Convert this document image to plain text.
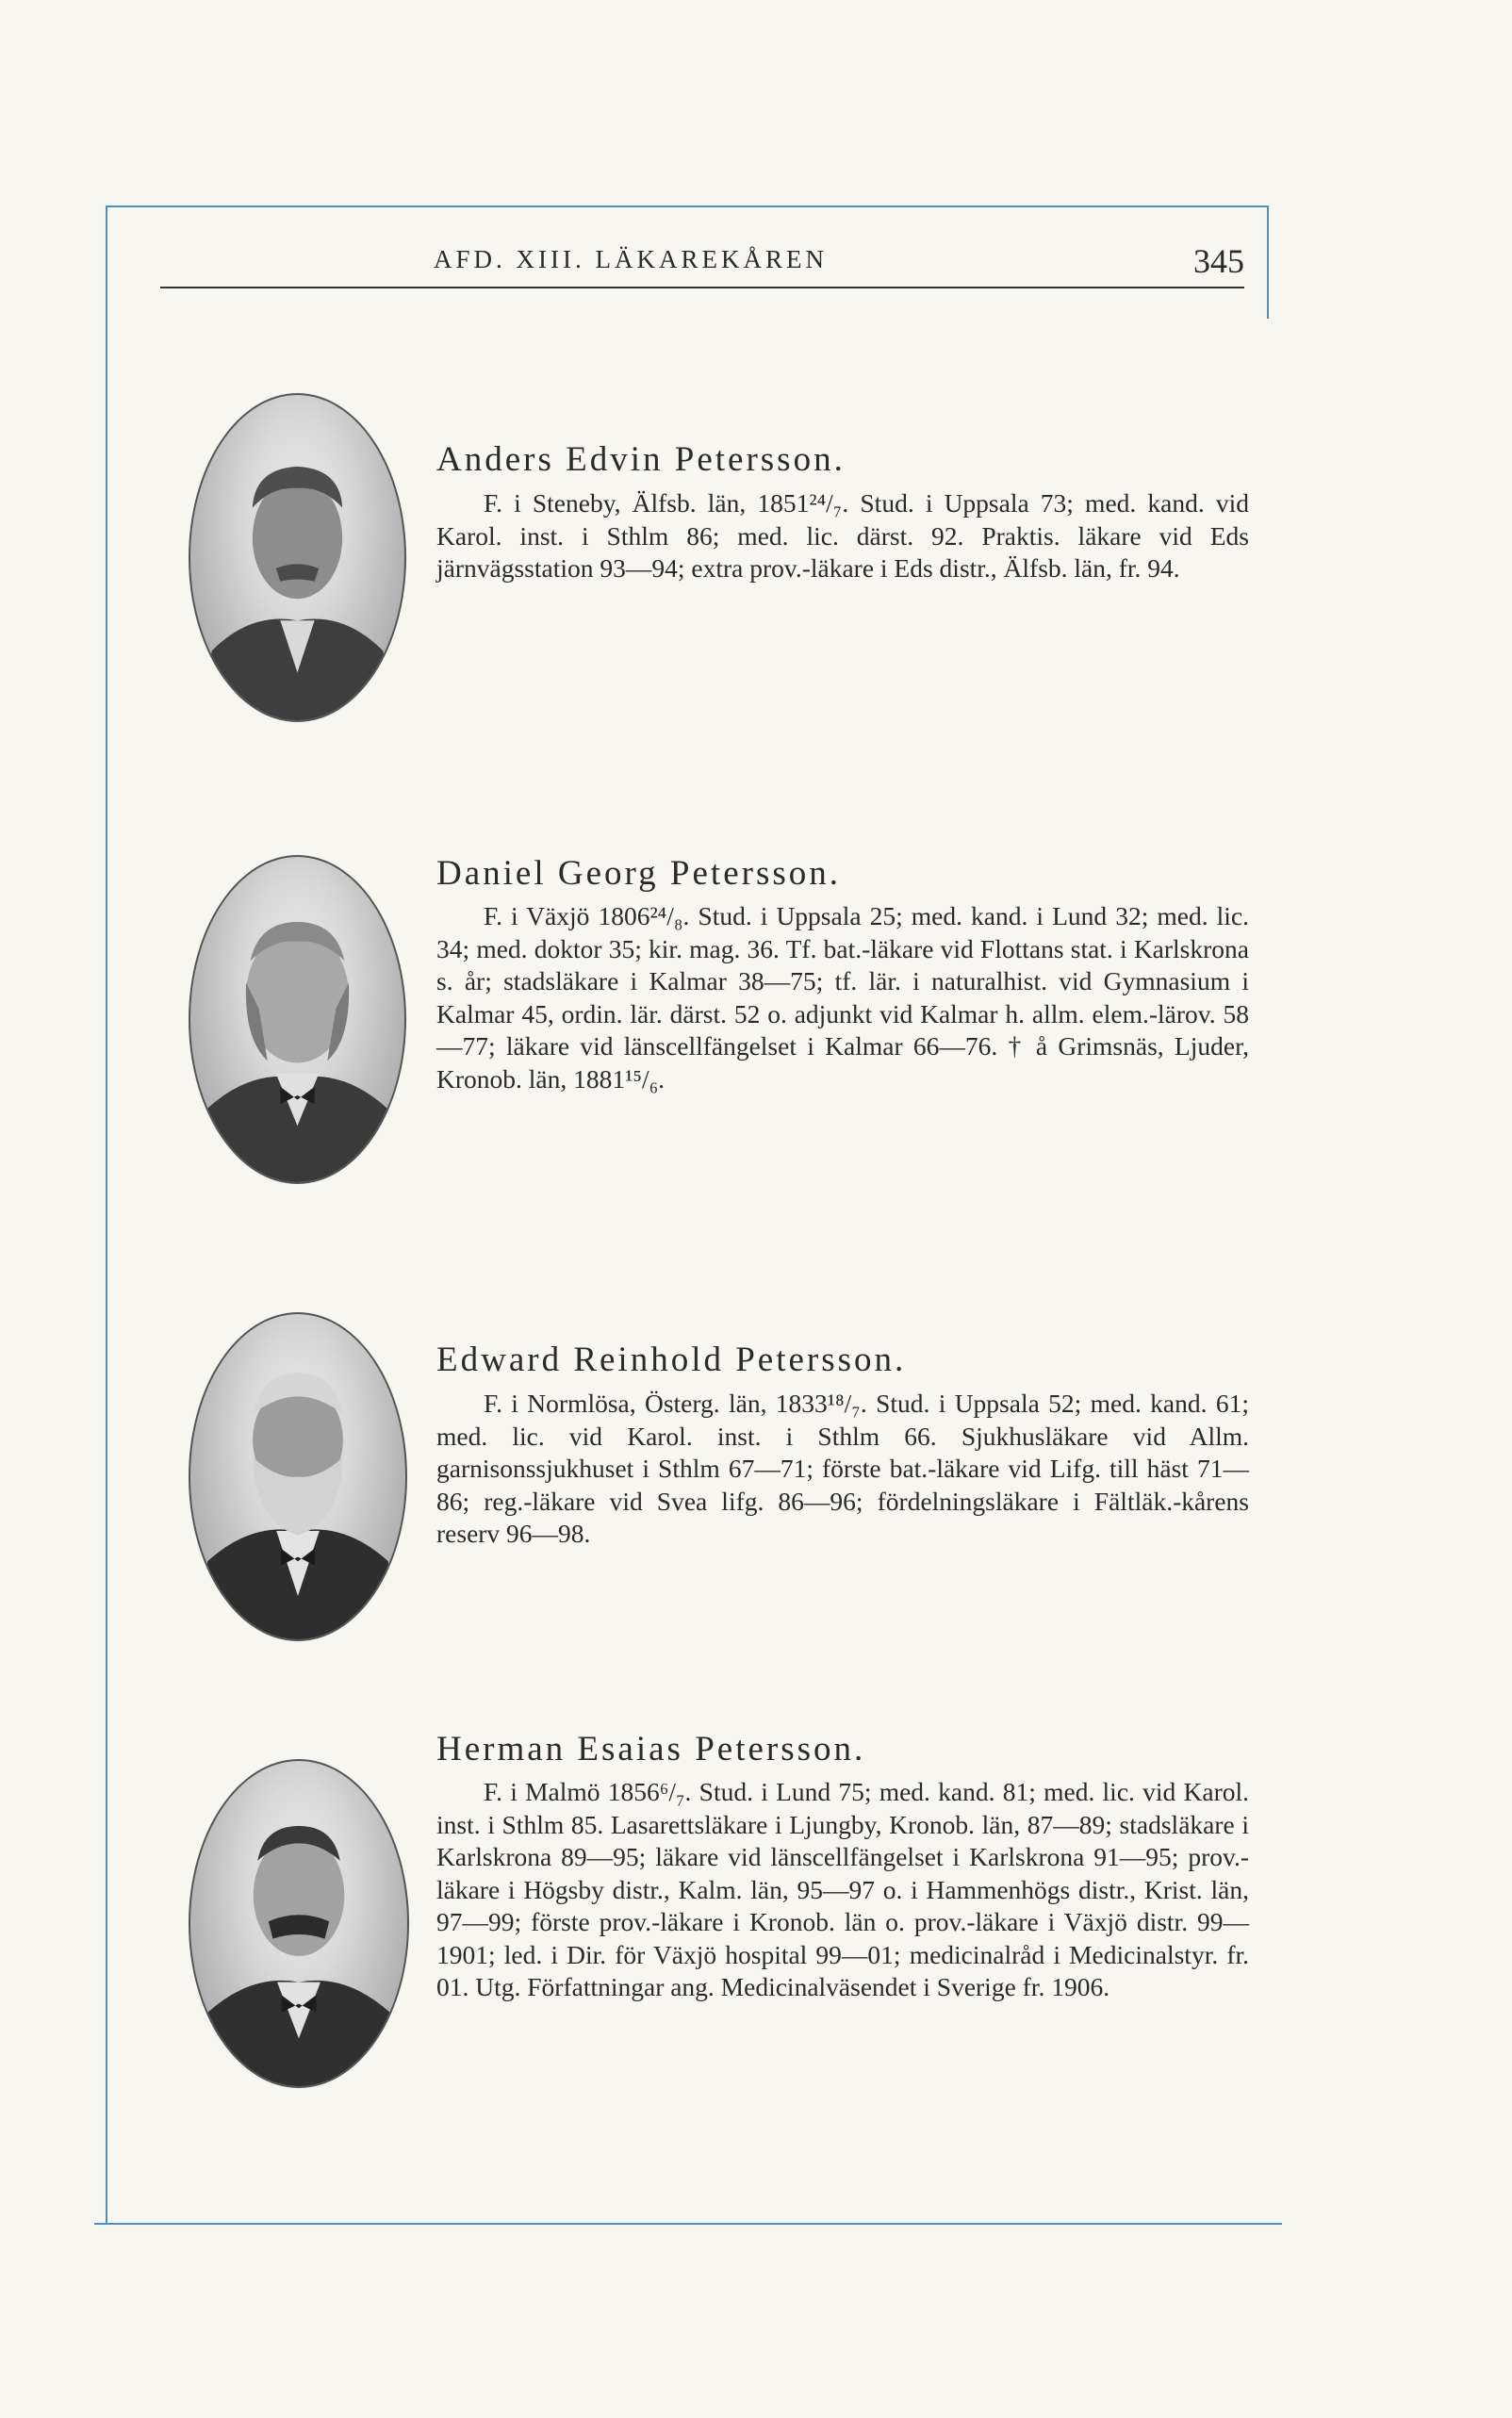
AFD. XIII. LÄKAREKÅREN	345
Anders Edvin Petersson.

F. i Steneby, Älfsb. län, 1851²⁴/₇. Stud. i Uppsala 73; med. kand. vid Karol. inst. i Sthlm 86; med. lic. därst. 92. Praktis. läkare vid Eds järnvägsstation 93—94; extra prov.-läkare i Eds distr., Älfsb. län, fr. 94.

Daniel Georg Petersson.

F. i Växjö 1806²⁴/₈. Stud. i Uppsala 25; med. kand. i Lund 32; med. lic. 34; med. doktor 35; kir. mag. 36. Tf. bat.-läkare vid Flottans stat. i Karlskrona s. år; stadsläkare i Kalmar 38—75; tf. lär. i naturalhist. vid Gymnasium i Kalmar 45, ordin. lär. därst. 52 o. adjunkt vid Kalmar h. allm. elem.-lärov. 58—77; läkare vid länscellfängelset i Kalmar 66—76. † å Grimsnäs, Ljuder, Kronob. län, 1881¹⁵/₆.

Edward Reinhold Petersson.

F. i Normlösa, Österg. län, 1833¹⁸/₇. Stud. i Uppsala 52; med. kand. 61; med. lic. vid Karol. inst. i Sthlm 66. Sjukhusläkare vid Allm. garnisonssjukhuset i Sthlm 67—71; förste bat.-läkare vid Lifg. till häst 71—86; reg.-läkare vid Svea lifg. 86—96; fördelningsläkare i Fältläk.-kårens reserv 96—98.

Herman Esaias Petersson.

F. i Malmö 1856⁶/₇. Stud. i Lund 75; med. kand. 81; med. lic. vid Karol. inst. i Sthlm 85. Lasarettsläkare i Ljungby, Kronob. län, 87—89; stadsläkare i Karlskrona 89—95; läkare vid länscellfängelset i Karlskrona 91—95; prov.-läkare i Högsby distr., Kalm. län, 95—97 o. i Hammenhögs distr., Krist. län, 97—99; förste prov.-läkare i Kronob. län o. prov.-läkare i Växjö distr. 99—1901; led. i Dir. för Växjö hospital 99—01; medicinalråd i Medicinalstyr. fr. 01. Utg. Författningar ang. Medicinalväsendet i Sverige fr. 1906.
